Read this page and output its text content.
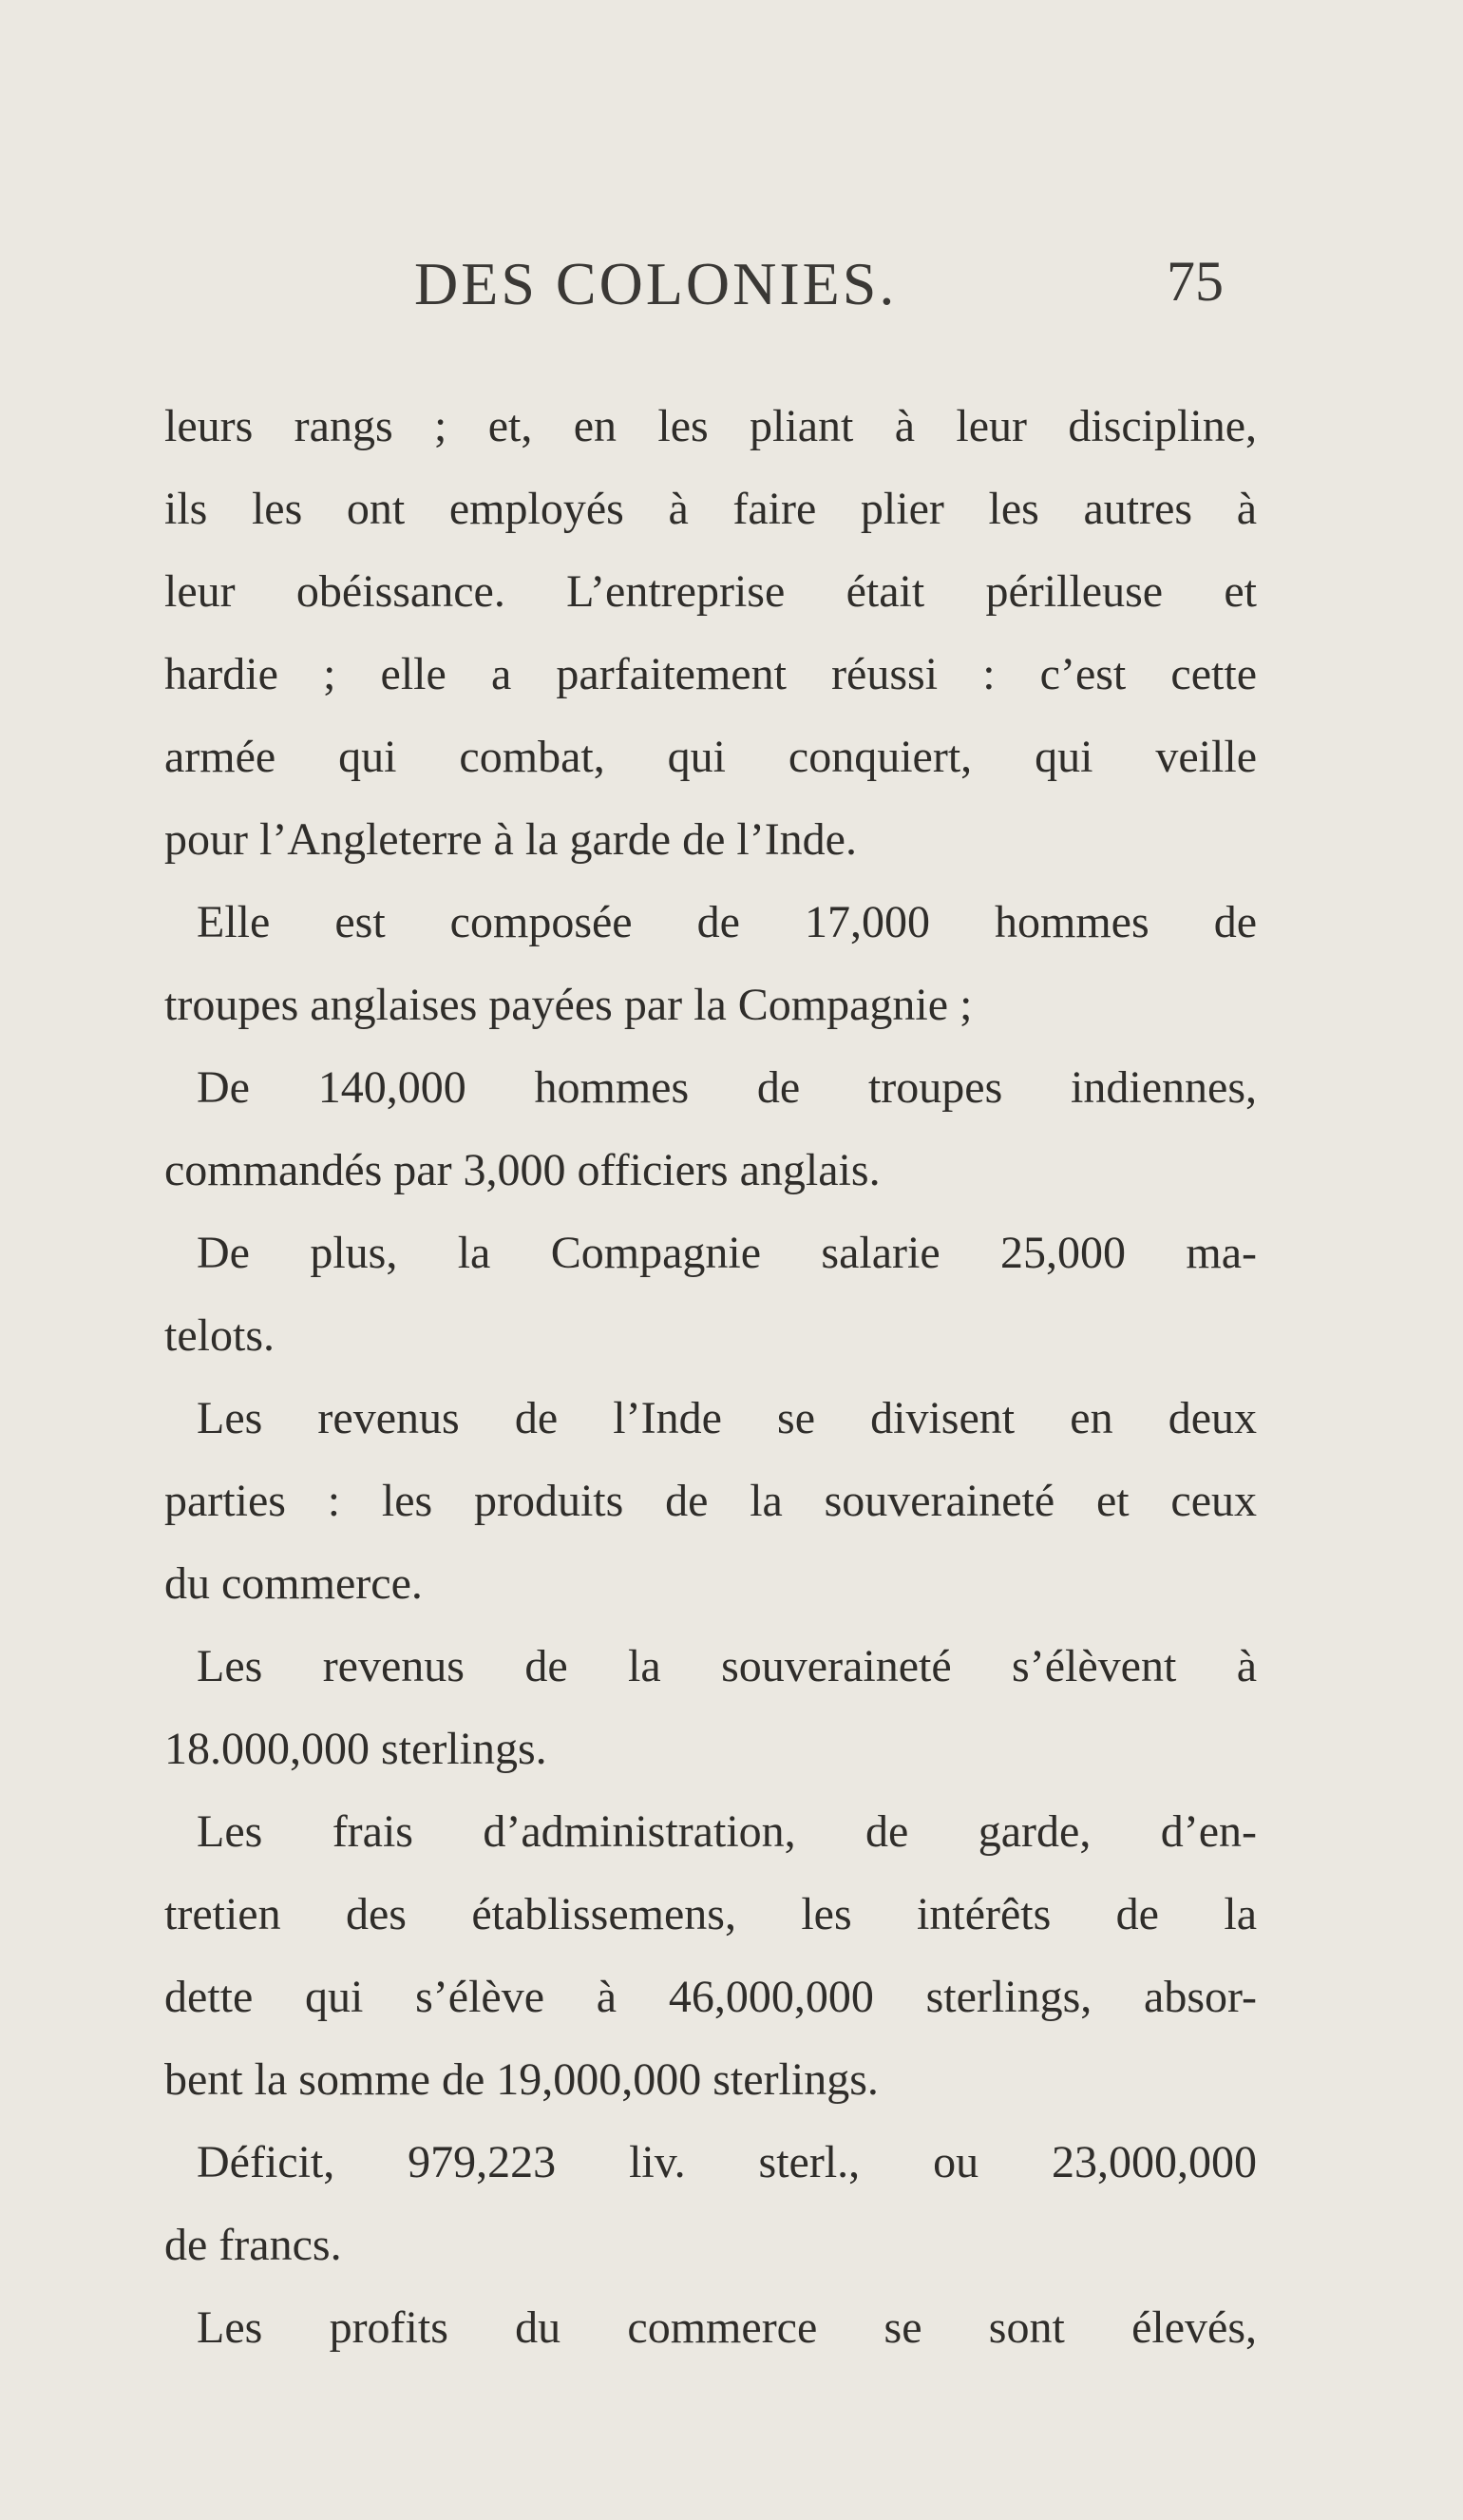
DES COLONIES.	75
leurs rangs ; et, en les pliant à leur discipline,
ils les ont employés à faire plier les autres à
leur obéissance. L’entreprise était périlleuse et
hardie ; elle a parfaitement réussi : c’est cette
armée qui combat, qui conquiert, qui veille
pour l’Angleterre à la garde de l’Inde.
Elle est composée de 17,000 hommes de
troupes anglaises payées par la Compagnie ;
De 140,000 hommes de troupes indiennes,
commandés par 3,000 officiers anglais.
De plus, la Compagnie salarie 25,000 ma-
telots.
Les revenus de l’Inde se divisent en deux
parties : les produits de la souveraineté et ceux
du commerce.
Les revenus de la souveraineté s’élèvent à
18.000,000 sterlings.
Les frais d’administration, de garde, d’en-
tretien des établissemens, les intérêts de la
dette qui s’élève à 46,000,000 sterlings, absor-
bent la somme de 19,000,000 sterlings.
Déficit, 979,223 liv. sterl., ou 23,000,000
de francs.
Les profits du commerce se sont élevés,
